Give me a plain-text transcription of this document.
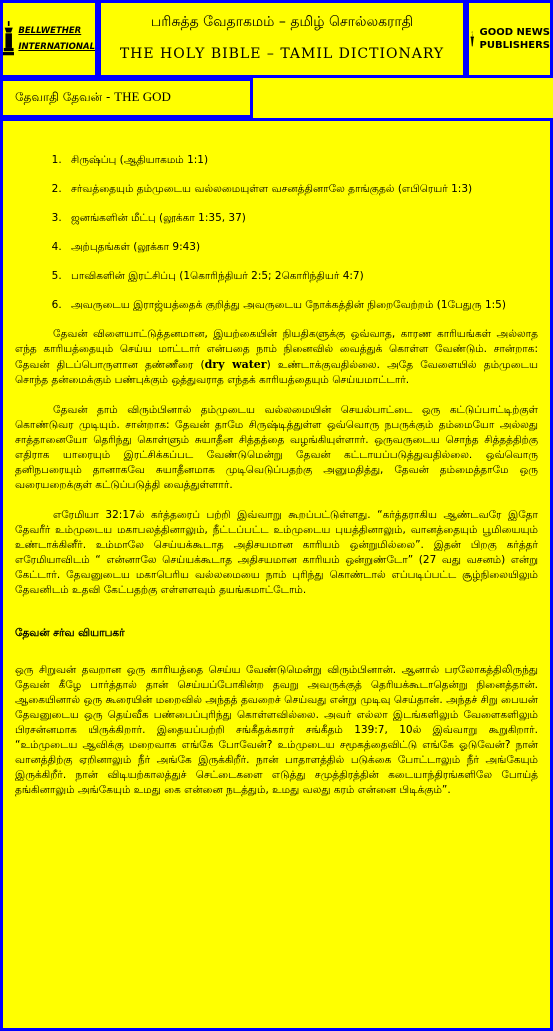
BELLWETHER
INTERNATIONAL
பரிசுத்த வேதாகமம் – தமிழ் சொல்லகராதி
THE HOLY BIBLE – TAMIL DICTIONARY
GOOD NEWS
PUBLISHERS
தேவாதி தேவன் - THE GOD
1. சிருஷ்ப்பு (ஆதியாகமம் 1:1)
2. சர்வத்தையும் தம்முடைய வல்லமையுள்ள வசனத்தினாலே தாங்குதல் (எபிரெயர் 1:3)
3. ஜனங்களின் மீட்பு (லூக்கா 1:35, 37)
4. அற்புதங்கள் (லூக்கா 9:43)
5. பாவிகளின் இரட்சிப்பு (1கொரிந்தியர் 2:5; 2கொரிந்தியர் 4:7)
6. அவருடைய இராஜ்யத்தைக் குறித்து அவருடைய நோக்கத்தின் நிறைவேற்றம் (1பேதுரு 1:5)

தேவன் விளையாட்டுத்தனமான, இயற்கையின் நியதிகளுக்கு ஒவ்வாத, காரண காரியங்கள் அல்லாத எந்த காரியத்தையும் செய்ய மாட்டார் என்பதை நாம் நினைவில் வைத்துக் கொள்ள வேண்டும். சான்றாக: தேவன் திடப்பொருளான தண்ணீரை (dry water) உண்டாக்குவதில்லை. அதே வேளையில் தம்முடைய சொந்த தன்மைக்கும் பண்புக்கும் ஒத்துவராத எந்தக் காரியத்தையும் செய்யமாட்டார்.

தேவன் தாம் விரும்பினால் தம்முடைய வல்லமையின் செயல்பாட்டை ஒரு கட்டுப்பாட்டிற்குள் கொண்டுவர முடியும். சான்றாக: தேவன் தாமே சிருஷ்டித்துள்ள ஒவ்வொரு நபருக்கும் தம்மையோ அல்லது சாத்தானையோ தெரிந்து கொள்ளும் சுயாதீன சித்தத்தை வழங்கியுள்ளார். ஒருவருடைய சொந்த சித்தத்திற்கு எதிராக யாரையும் இரட்சிக்கப்பட வேண்டுமென்று தேவன் கட்டாயப்படுத்துவதில்லை. ஒவ்வொரு தனிநபரையும் தானாகவே சுயாதீனமாக முடிவெடுப்பதற்கு அனுமதித்து, தேவன் தம்மைத்தாமே ஒரு வரையறைக்குள் கட்டுப்படுத்தி வைத்துள்ளார்.

எரேமியா 32:17ல் கர்த்தரைப் பற்றி இவ்வாறு கூறப்பட்டுள்ளது. “கர்த்தராகிய ஆண்டவரே இதோ தேவரீர் உம்முடைய மகாபலத்தினாலும், நீட்டப்பட்ட உம்முடைய புயத்தினாலும், வானத்தையும் பூமியையும் உண்டாக்கினீர். உம்மாலே செய்யக்கூடாத அதிசயமான காரியம் ஒன்றுமில்லை”. இதன் பிறகு கர்த்தர் எரேமியாவிடம் “ என்னாலே செய்யக்கூடாத அதிசயமான காரியம் ஒன்றுண்டோ” (27 வது வசனம்) என்று கேட்டார். தேவனுடைய மகாபெரிய வல்லமையை நாம் புரிந்து கொண்டால் எப்படிப்பட்ட சூழ்நிலையிலும் தேவனிடம் உதவி கேட்பதற்கு எள்ளளவும் தயங்கமாட்டோம்.

தேவன் சர்வ வியாபகர்

ஒரு சிறுவன் தவறான ஒரு காரியத்தை செய்ய வேண்டுமென்று விரும்பினான். ஆனால் பரலோகத்திலிருந்து தேவன் கீழே பார்த்தால் தான் செய்யப்போகின்ற தவறு அவருக்குத் தெரியக்கூடாதென்று நினைத்தான். ஆகையினால் ஒரு கூரையின் மறைவில் அந்தத் தவறைச் செய்வது என்று முடிவு செய்தான். அந்தச் சிறு பையன் தேவனுடைய ஒரு தெய்வீக பண்பைப்புரிந்து கொள்ளவில்லை. அவர் எல்லா இடங்களிலும் வேளைகளிலும் பிரசன்னமாக யிருக்கிறார். இதையப்பற்றி சங்கீதக்காரர் சங்கீதம் 139:7, 10ல் இவ்வாறு கூறுகிறார். “உம்முடைய ஆவிக்கு மறைவாக எங்கே போவேன்? உம்முடைய சமூகத்தைவிட்டு எங்கே ஓடுவேன்? நான் வானத்திற்கு ஏறினாலும் நீர் அங்கே இருக்கிறீர். நான் பாதாளத்தில் படுக்கை போட்டாலும் நீர் அங்கேயும் இருக்கிறீர். நான் விடியற்காலத்துச் செட்டைகளை எடுத்து சமுத்திரத்தின் கடையாந்திரங்களிலே போய்த் தங்கினாலும் அங்கேயும் உமது கை என்னை நடத்தும், உமது வலது கரம் என்னை பிடிக்கும்”.
